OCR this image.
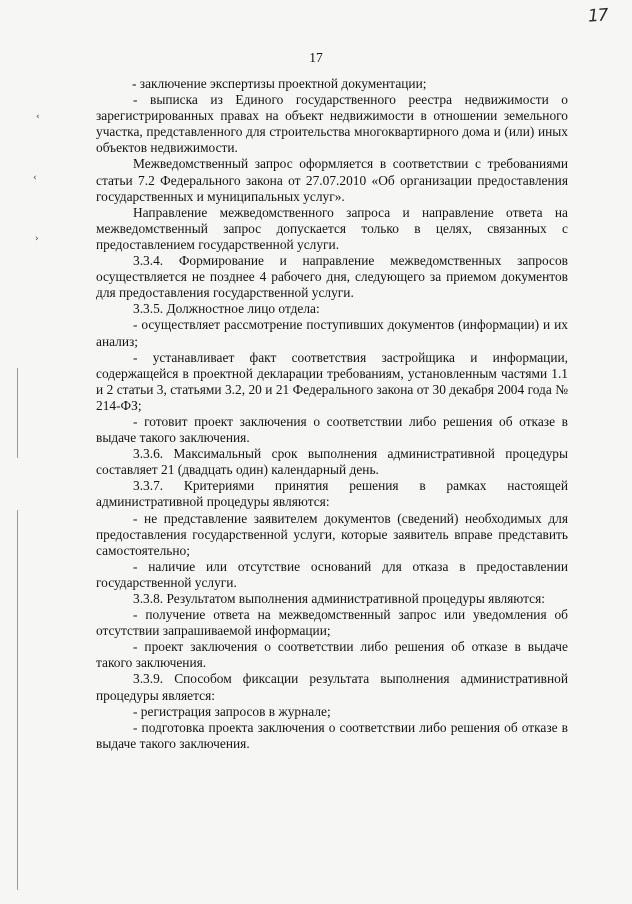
17
17
‹
‹
›

- заключение экспертизы проектной документации;

- выписка из Единого государственного реестра недвижимости о зарегистрированных правах на объект недвижимости в отношении земельного участка, представленного для строительства многоквартирного дома и (или) иных объектов недвижимости.

Межведомственный запрос оформляется в соответствии с требованиями статьи 7.2 Федерального закона от 27.07.2010 «Об организации предоставления государственных и муниципальных услуг».

Направление межведомственного запроса и направление ответа на межведомственный запрос допускается только в целях, связанных с предоставлением государственной услуги.

3.3.4. Формирование и направление межведомственных запросов осуществляется не позднее 4 рабочего дня, следующего за приемом документов для предоставления государственной услуги.

3.3.5. Должностное лицо отдела:

- осуществляет рассмотрение поступивших документов (информации) и их анализ;

- устанавливает факт соответствия застройщика и информации, содержащейся в проектной декларации требованиям, установленным частями 1.1 и 2 статьи 3, статьями 3.2, 20 и 21 Федерального закона от 30 декабря 2004 года № 214-ФЗ;

- готовит проект заключения о соответствии либо решения об отказе в выдаче такого заключения.

3.3.6. Максимальный срок выполнения административной процедуры составляет 21 (двадцать один) календарный день.

3.3.7. Критериями принятия решения в рамках настоящей административной процедуры являются:

- не представление заявителем документов (сведений) необходимых для предоставления государственной услуги, которые заявитель вправе представить самостоятельно;

- наличие или отсутствие оснований для отказа в предоставлении государственной услуги.

3.3.8. Результатом выполнения административной процедуры являются:

- получение ответа на межведомственный запрос или уведомления об отсутствии запрашиваемой информации;

- проект заключения о соответствии либо решения об отказе в выдаче такого заключения.

3.3.9. Способом фиксации результата выполнения административной процедуры является:

- регистрация запросов в журнале;

- подготовка проекта заключения о соответствии либо решения об отказе в выдаче такого заключения.
